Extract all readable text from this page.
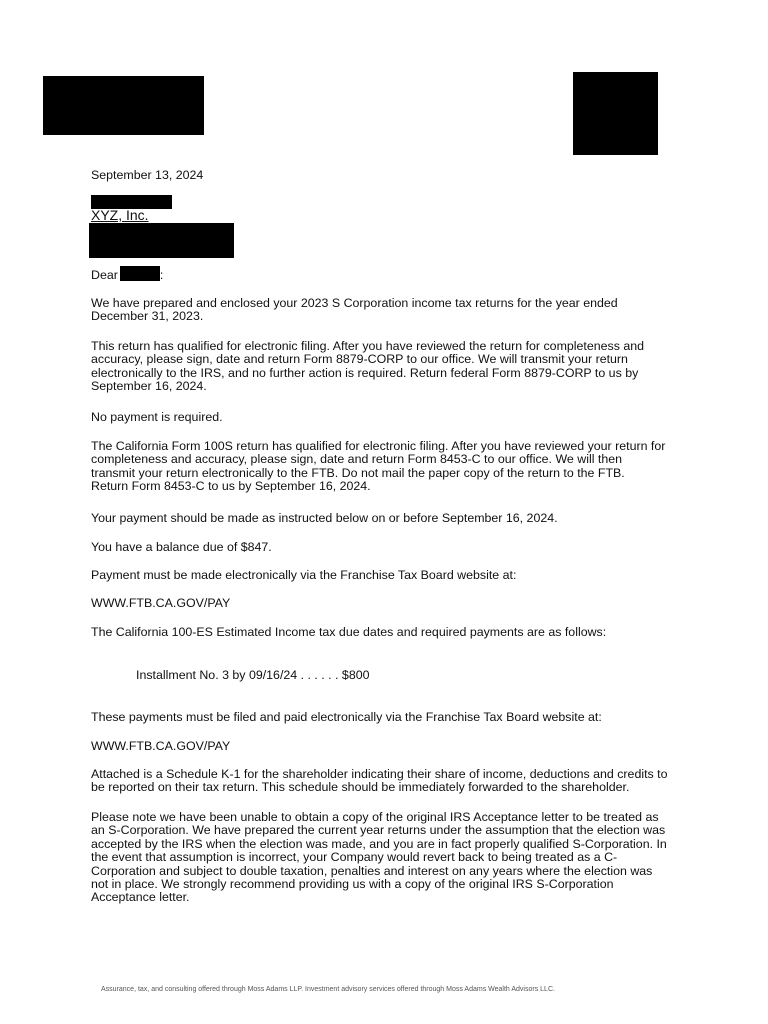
September 13, 2024
XYZ, Inc.
Dear	:
We have prepared and enclosed your 2023 S Corporation income tax returns for the year ended
December 31, 2023.
This return has qualified for electronic filing. After you have reviewed the return for completeness and
accuracy, please sign, date and return Form 8879-CORP to our office. We will transmit your return
electronically to the IRS, and no further action is required. Return federal Form 8879-CORP to us by
September 16, 2024.
No payment is required.
The California Form 100S return has qualified for electronic filing. After you have reviewed your return for
completeness and accuracy, please sign, date and return Form 8453-C to our office. We will then
transmit your return electronically to the FTB. Do not mail the paper copy of the return to the FTB.
Return Form 8453-C to us by September 16, 2024.
Your payment should be made as instructed below on or before September 16, 2024.
You have a balance due of $847.
Payment must be made electronically via the Franchise Tax Board website at:
WWW.FTB.CA.GOV/PAY
The California 100-ES Estimated Income tax due dates and required payments are as follows:
Installment No. 3 by 09/16/24 . . . . . . $800
These payments must be filed and paid electronically via the Franchise Tax Board website at:
WWW.FTB.CA.GOV/PAY
Attached is a Schedule K-1 for the shareholder indicating their share of income, deductions and credits to
be reported on their tax return. This schedule should be immediately forwarded to the shareholder.
Please note we have been unable to obtain a copy of the original IRS Acceptance letter to be treated as
an S-Corporation. We have prepared the current year returns under the assumption that the election was
accepted by the IRS when the election was made, and you are in fact properly qualified S-Corporation. In
the event that assumption is incorrect, your Company would revert back to being treated as a C-
Corporation and subject to double taxation, penalties and interest on any years where the election was
not in place. We strongly recommend providing us with a copy of the original IRS S-Corporation
Acceptance letter.
Assurance, tax, and consulting offered through Moss Adams LLP. Investment advisory services offered through Moss Adams Wealth Advisors LLC.
